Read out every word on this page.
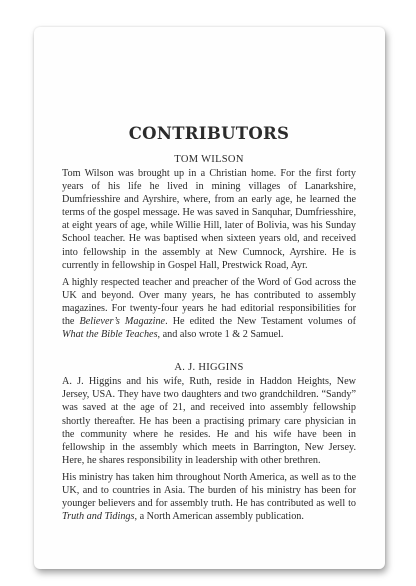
CONTRIBUTORS
TOM WILSON

Tom Wilson was brought up in a Christian home. For the first forty years of his life he lived in mining villages of Lanarkshire, Dumfriesshire and Ayrshire, where, from an early age, he learned the terms of the gospel message. He was saved in Sanquhar, Dumfriesshire, at eight years of age, while Willie Hill, later of Bolivia, was his Sunday School teacher. He was baptised when sixteen years old, and received into fellowship in the assembly at New Cumnock, Ayrshire. He is currently in fellowship in Gospel Hall, Prestwick Road, Ayr.

A highly respected teacher and preacher of the Word of God across the UK and beyond. Over many years, he has contributed to assembly magazines. For twenty-four years he had editorial responsibilities for the Believer’s Magazine. He edited the New Testament volumes of What the Bible Teaches, and also wrote 1 & 2 Samuel.

A. J. HIGGINS

A. J. Higgins and his wife, Ruth, reside in Haddon Heights, New Jersey, USA. They have two daughters and two grandchildren. “Sandy” was saved at the age of 21, and received into assembly fellowship shortly thereafter. He has been a practising primary care physician in the community where he resides. He and his wife have been in fellowship in the assembly which meets in Barrington, New Jersey. Here, he shares responsibility in leadership with other brethren.

His ministry has taken him throughout North America, as well as to the UK, and to countries in Asia. The burden of his ministry has been for younger believers and for assembly truth. He has contributed as well to Truth and Tidings, a North American assembly publication.
